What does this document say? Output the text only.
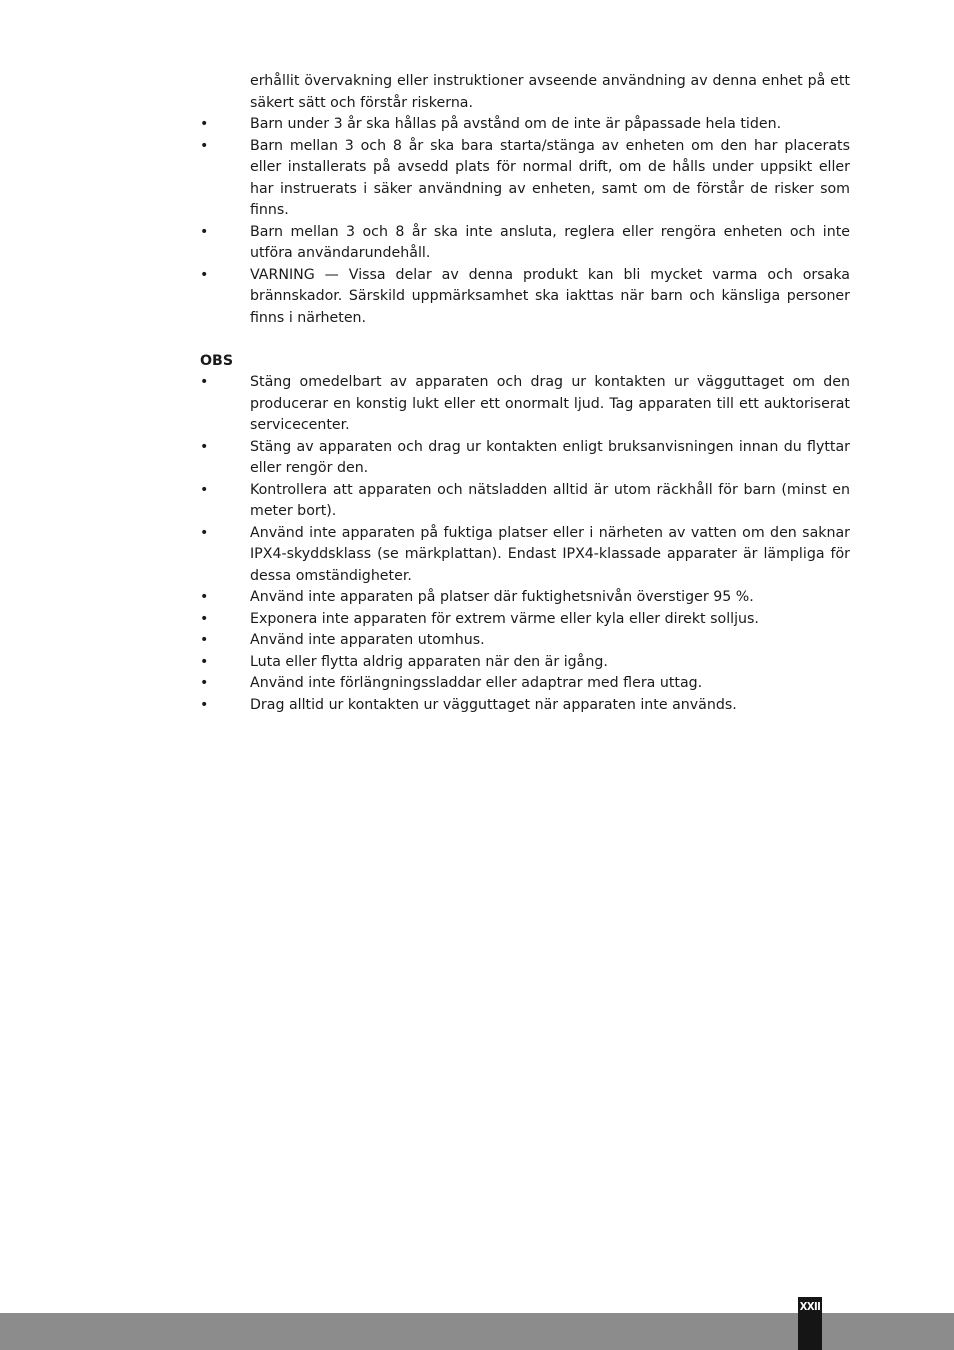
erhållit övervakning eller instruktioner avseende användning av denna enhet på ett säkert sätt och förstår riskerna.

•	Barn under 3 år ska hållas på avstånd om de inte är påpassade hela tiden.
•	Barn mellan 3 och 8 år ska bara starta/stänga av enheten om den har placerats eller installerats på avsedd plats för normal drift, om de hålls under uppsikt eller har instruerats i säker användning av enheten, samt om de förstår de risker som finns.
•	Barn mellan 3 och 8 år ska inte ansluta, reglera eller rengöra enheten och inte utföra användarundehåll.
•	VARNING — Vissa delar av denna produkt kan bli mycket varma och orsaka brännskador. Särskild uppmärksamhet ska iakttas när barn och känsliga personer finns i närheten.
OBS
•	Stäng omedelbart av apparaten och drag ur kontakten ur vägguttaget om den producerar en konstig lukt eller ett onormalt ljud. Tag apparaten till ett auktoriserat servicecenter.
•	Stäng av apparaten och drag ur kontakten enligt bruksanvisningen innan du flyttar eller rengör den.
•	Kontrollera att apparaten och nätsladden alltid är utom räckhåll för barn (minst en meter bort).
•	Använd inte apparaten på fuktiga platser eller i närheten av vatten om den saknar IPX4-skyddsklass (se märkplattan). Endast IPX4-klassade apparater är lämpliga för dessa omständigheter.
•	Använd inte apparaten på platser där fuktighetsnivån överstiger 95 %.
•	Exponera inte apparaten för extrem värme eller kyla eller direkt solljus.
•	Använd inte apparaten utomhus.
•	Luta eller flytta aldrig apparaten när den är igång.
•	Använd inte förlängningssladdar eller adaptrar med flera uttag.
•	Drag alltid ur kontakten ur vägguttaget när apparaten inte används.
XXII
